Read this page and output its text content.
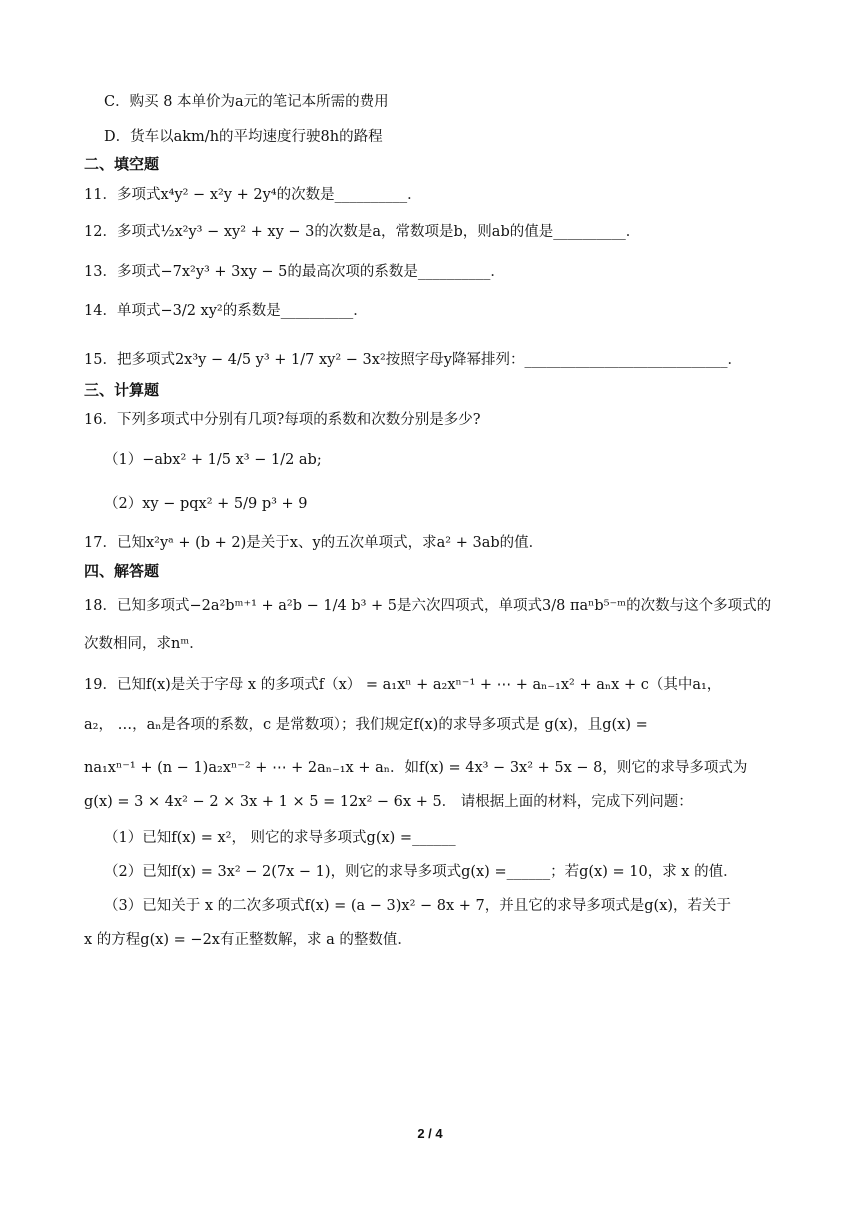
C．购买 8 本单价为a元的笔记本所需的费用
D．货车以akm/h的平均速度行驶8h的路程
二、填空题
11．多项式x⁴y² − x²y + 2y⁴的次数是__________．
12．多项式½x²y³ − xy² + xy − 3的次数是a，常数项是b，则ab的值是__________．
13．多项式−7x²y³ + 3xy − 5的最高次项的系数是__________．
14．单项式−3/2 xy²的系数是__________．
15．把多项式2x³y − 4/5 y³ + 1/7 xy² − 3x²按照字母y降幂排列：____________________________．
三、计算题
16．下列多项式中分别有几项?每项的系数和次数分别是多少?
（1）−abx² + 1/5 x³ − 1/2 ab;
（2）xy − pqx² + 5/9 p³ + 9
17．已知x²yᵃ + (b + 2)是关于x、y的五次单项式，求a² + 3ab的值．
四、解答题
18．已知多项式−2a²bᵐ⁺¹ + a²b − 1/4 b³ + 5是六次四项式，单项式3/8 πaⁿb⁵⁻ᵐ的次数与这个多项式的
次数相同，求nᵐ．
19．已知f(x)是关于字母 x 的多项式f（x） = a₁xⁿ + a₂xⁿ⁻¹ + ⋯ + aₙ₋₁x² + aₙx + c（其中a₁，
a₂， …，aₙ是各项的系数，c 是常数项）；我们规定f(x)的求导多项式是 g(x)，且g(x) =
na₁xⁿ⁻¹ + (n − 1)a₂xⁿ⁻² + ⋯ + 2aₙ₋₁x + aₙ．如f(x) = 4x³ − 3x² + 5x − 8，则它的求导多项式为
g(x) = 3 × 4x² − 2 × 3x + 1 × 5 = 12x² − 6x + 5． 请根据上面的材料，完成下列问题：
（1）已知f(x) = x²， 则它的求导多项式g(x) =______
（2）已知f(x) = 3x² − 2(7x − 1)，则它的求导多项式g(x) =______；若g(x) = 10，求 x 的值．
（3）已知关于 x 的二次多项式f(x) = (a − 3)x² − 8x + 7，并且它的求导多项式是g(x)，若关于
x 的方程g(x) = −2x有正整数解，求 a 的整数值．
2 / 4
